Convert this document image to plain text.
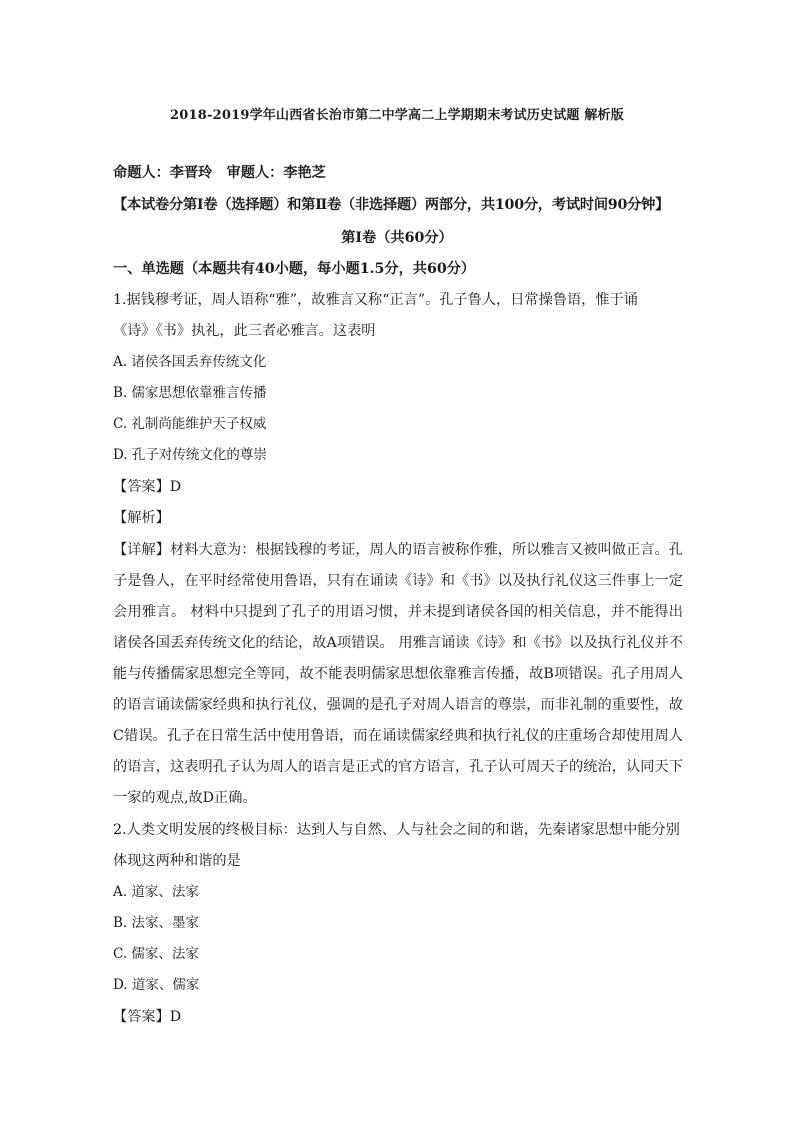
2018-2019学年山西省长治市第二中学高二上学期期末考试历史试题 解析版
命题人：李晋玲　审题人：李艳芝
【本试卷分第Ⅰ卷（选择题）和第Ⅱ卷（非选择题）两部分，共100分，考试时间90分钟】
第Ⅰ卷（共60分）
一、单选题（本题共有40小题，每小题1.5分，共60分）
1.据钱穆考证，周人语称“雅”，故雅言又称“正言”。孔子鲁人，日常操鲁语，惟于诵
《诗》《书》执礼，此三者必雅言。这表明
A. 诸侯各国丢弃传统文化
B. 儒家思想依靠雅言传播
C. 礼制尚能维护天子权威
D. 孔子对传统文化的尊崇
【答案】D
【解析】
【详解】材料大意为：根据钱穆的考证，周人的语言被称作雅，所以雅言又被叫做正言。孔子是鲁人，在平时经常使用鲁语，只有在诵读《诗》和《书》以及执行礼仪这三件事上一定会用雅言。 材料中只提到了孔子的用语习惯，并未提到诸侯各国的相关信息，并不能得出诸侯各国丢弃传统文化的结论，故A项错误。 用雅言诵读《诗》和《书》以及执行礼仪并不能与传播儒家思想完全等同，故不能表明儒家思想依靠雅言传播，故B项错误。孔子用周人的语言诵读儒家经典和执行礼仪，强调的是孔子对周人语言的尊崇，而非礼制的重要性，故C错误。孔子在日常生活中使用鲁语，而在诵读儒家经典和执行礼仪的庄重场合却使用周人的语言，这表明孔子认为周人的语言是正式的官方语言，孔子认可周天子的统治，认同天下一家的观点,故D正确。
2.人类文明发展的终极目标：达到人与自然、人与社会之间的和谐，先秦诸家思想中能分别
体现这两种和谐的是
A. 道家、法家
B. 法家、墨家
C. 儒家、法家
D. 道家、儒家
【答案】D
